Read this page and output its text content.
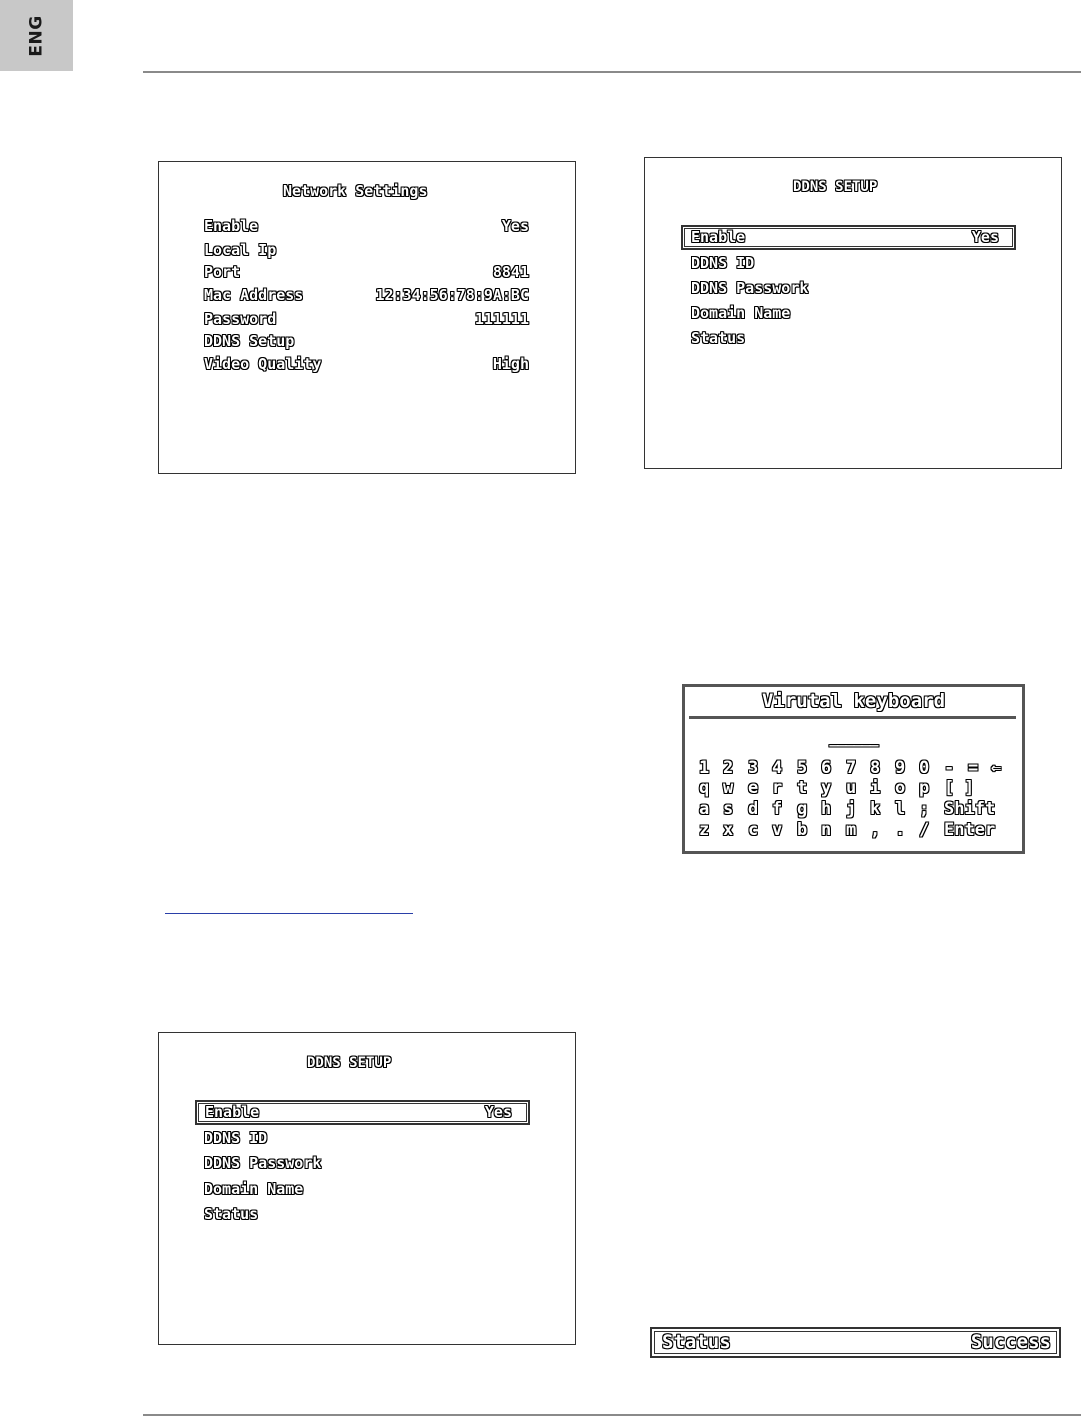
ENG
Network Settings
Enable	Yes
Local Ip
Port	8841
Mac Address	12:34:56:78:9A:BC
Password	111111
DDNS Setup
Video Quality	High
DDNS SETUP
Enable	Yes
DDNS ID
DDNS Passwork
Domain Name
Status
Virutal keyboard
______
1 2 3 4 5 6 7 8 9 0 - = ⇐
q w e r t y u i o p [ ]
a s d f g h j k l ; Shift
z x c v b n m , . / Enter
DDNS SETUP
Enable	Yes
DDNS ID
DDNS Passwork
Domain Name
Status
Status	Success
